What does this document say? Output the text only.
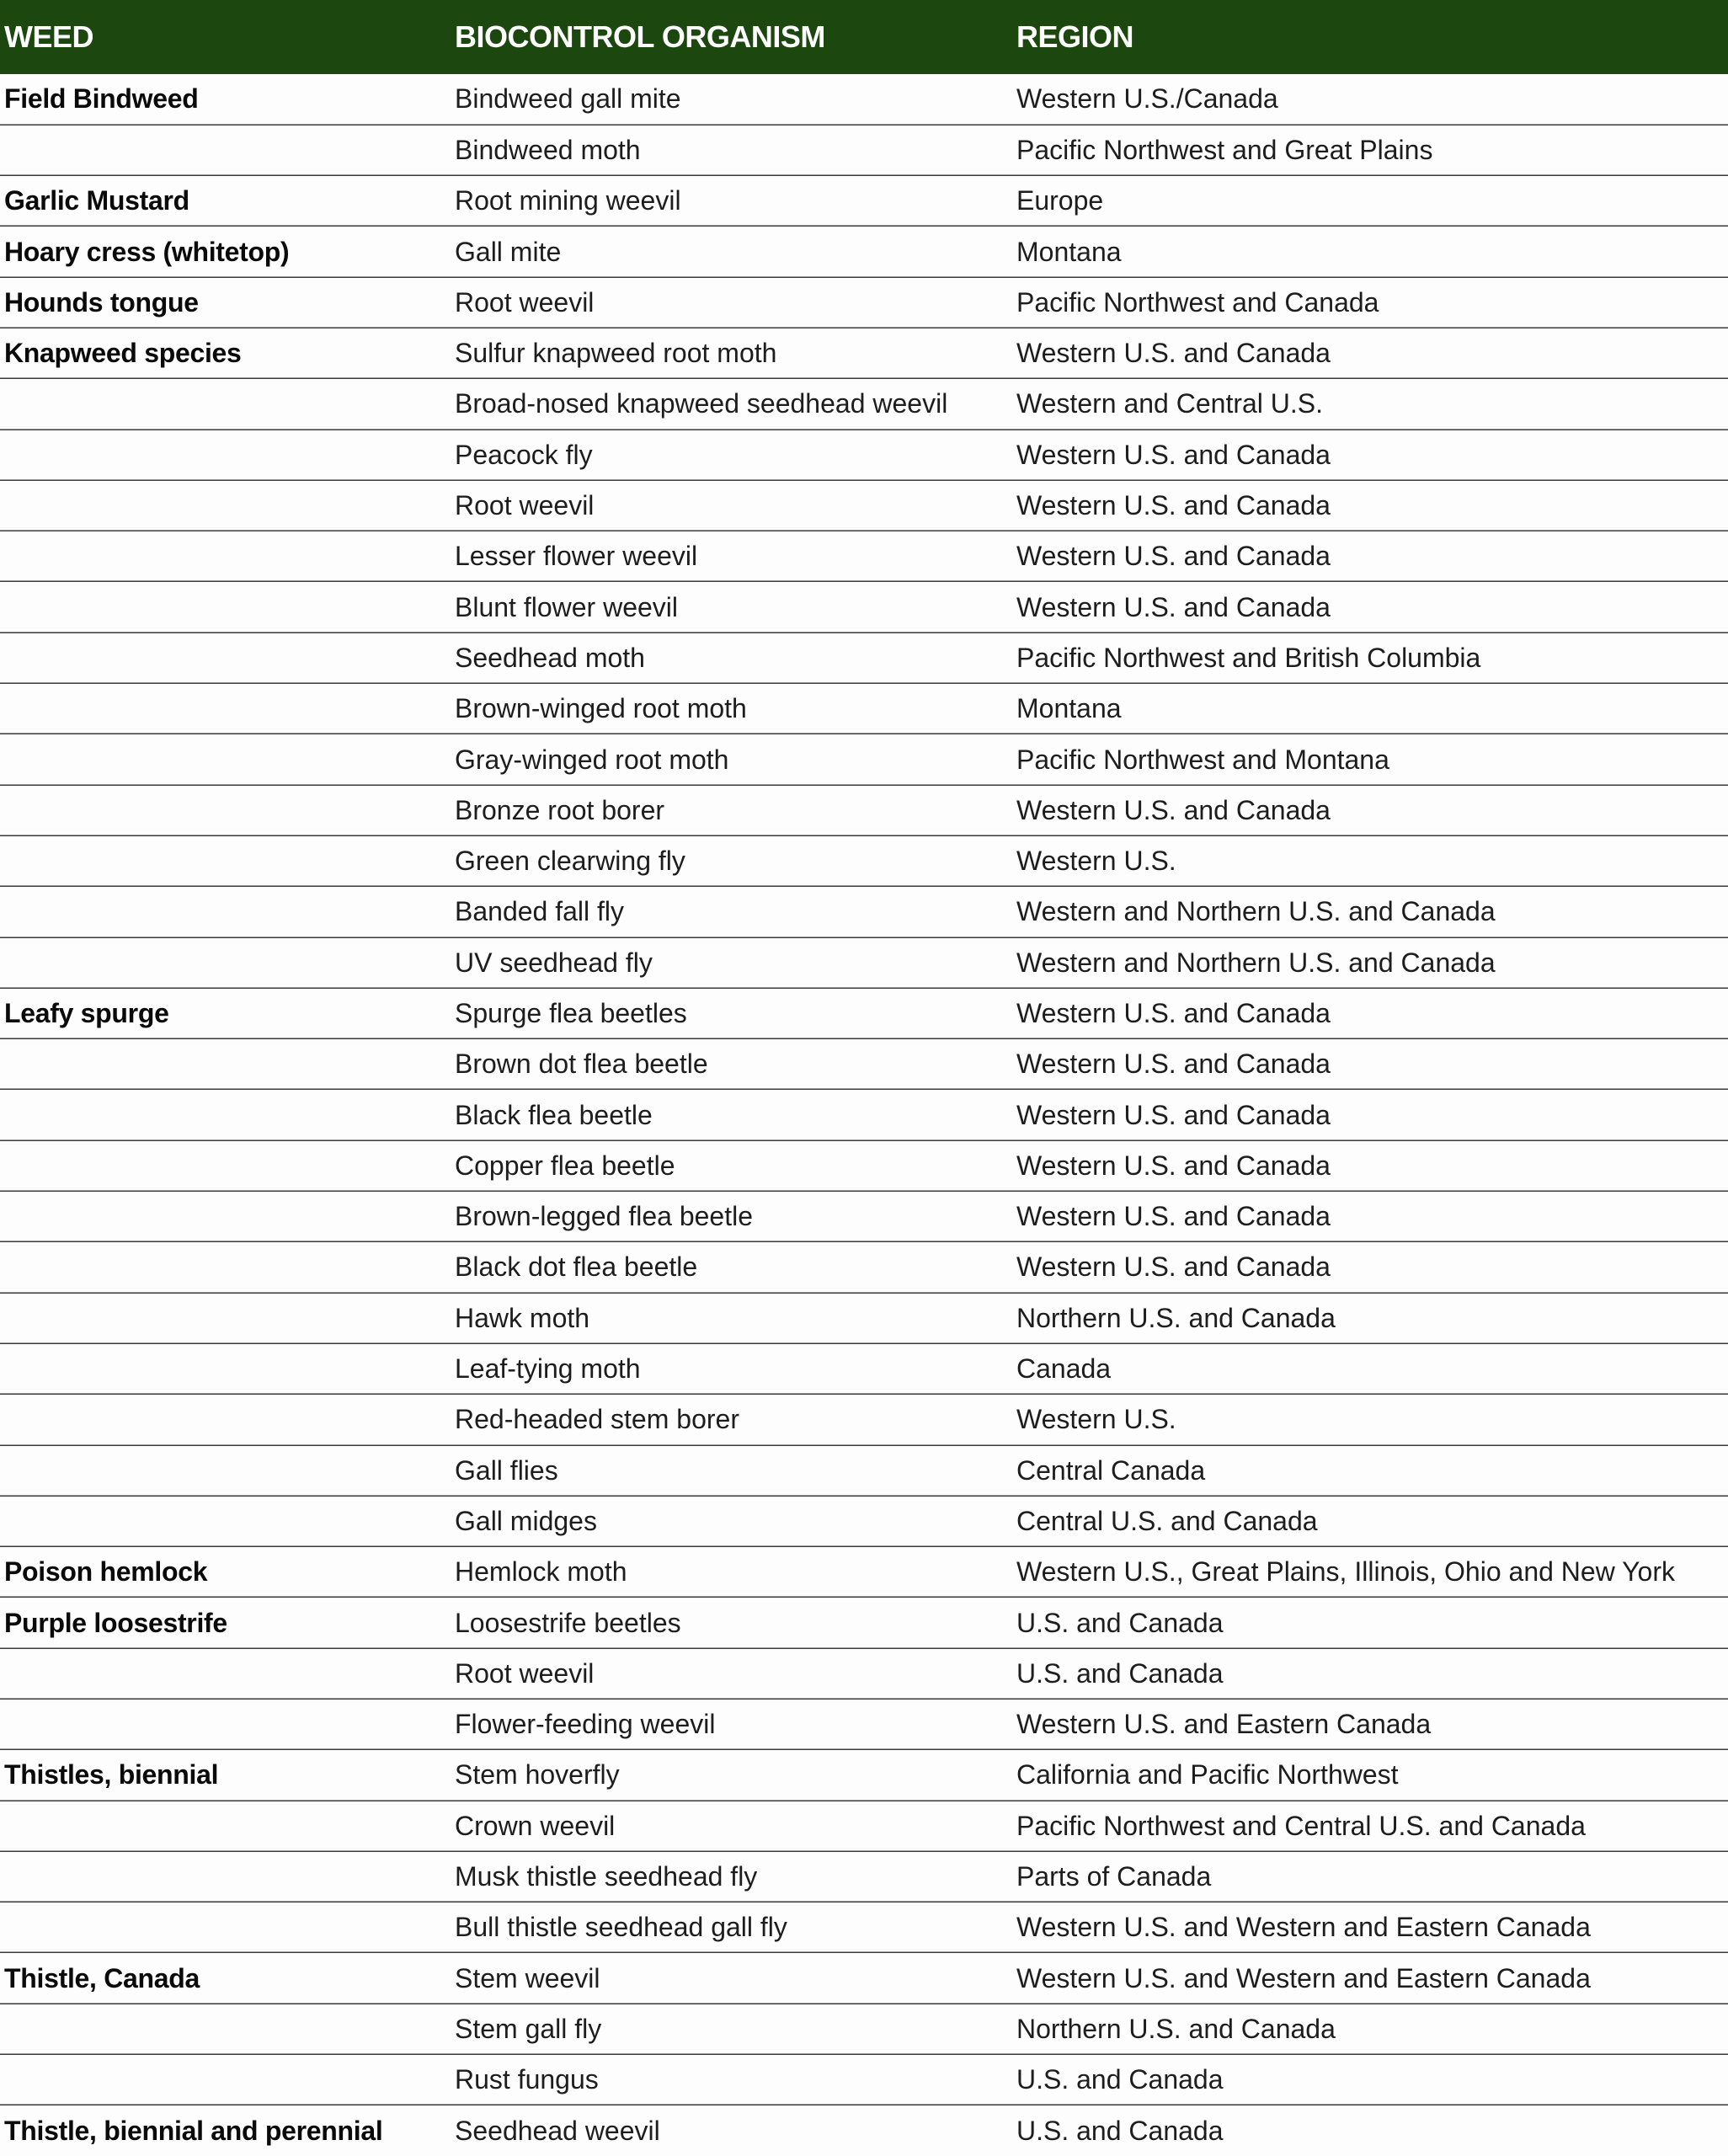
WEED	BIOCONTROL ORGANISM	REGION
Field Bindweed	Bindweed gall mite	Western U.S./Canada
	Bindweed moth	Pacific Northwest and Great Plains
Garlic Mustard	Root mining weevil	Europe
Hoary cress (whitetop)	Gall mite	Montana
Hounds tongue	Root weevil	Pacific Northwest and Canada
Knapweed species	Sulfur knapweed root moth	Western U.S. and Canada
	Broad-nosed knapweed seedhead weevil	Western and Central U.S.
	Peacock fly	Western U.S. and Canada
	Root weevil	Western U.S. and Canada
	Lesser flower weevil	Western U.S. and Canada
	Blunt flower weevil	Western U.S. and Canada
	Seedhead moth	Pacific Northwest and British Columbia
	Brown-winged root moth	Montana
	Gray-winged root moth	Pacific Northwest and Montana
	Bronze root borer	Western U.S. and Canada
	Green clearwing fly	Western U.S.
	Banded fall fly	Western and Northern U.S. and Canada
	UV seedhead fly	Western and Northern U.S. and Canada
Leafy spurge	Spurge flea beetles	Western U.S. and Canada
	Brown dot flea beetle	Western U.S. and Canada
	Black flea beetle	Western U.S. and Canada
	Copper flea beetle	Western U.S. and Canada
	Brown-legged flea beetle	Western U.S. and Canada
	Black dot flea beetle	Western U.S. and Canada
	Hawk moth	Northern U.S. and Canada
	Leaf-tying moth	Canada
	Red-headed stem borer	Western U.S.
	Gall flies	Central Canada
	Gall midges	Central U.S. and Canada
Poison hemlock	Hemlock moth	Western U.S., Great Plains, Illinois, Ohio and New York
Purple loosestrife	Loosestrife beetles	U.S. and Canada
	Root weevil	U.S. and Canada
	Flower-feeding weevil	Western U.S. and Eastern Canada
Thistles, biennial	Stem hoverfly	California and Pacific Northwest
	Crown weevil	Pacific Northwest and Central U.S. and Canada
	Musk thistle seedhead fly	Parts of Canada
	Bull thistle seedhead gall fly	Western U.S. and Western and Eastern Canada
Thistle, Canada	Stem weevil	Western U.S. and Western and Eastern Canada
	Stem gall fly	Northern U.S. and Canada
	Rust fungus	U.S. and Canada
Thistle, biennial and perennial	Seedhead weevil	U.S. and Canada
